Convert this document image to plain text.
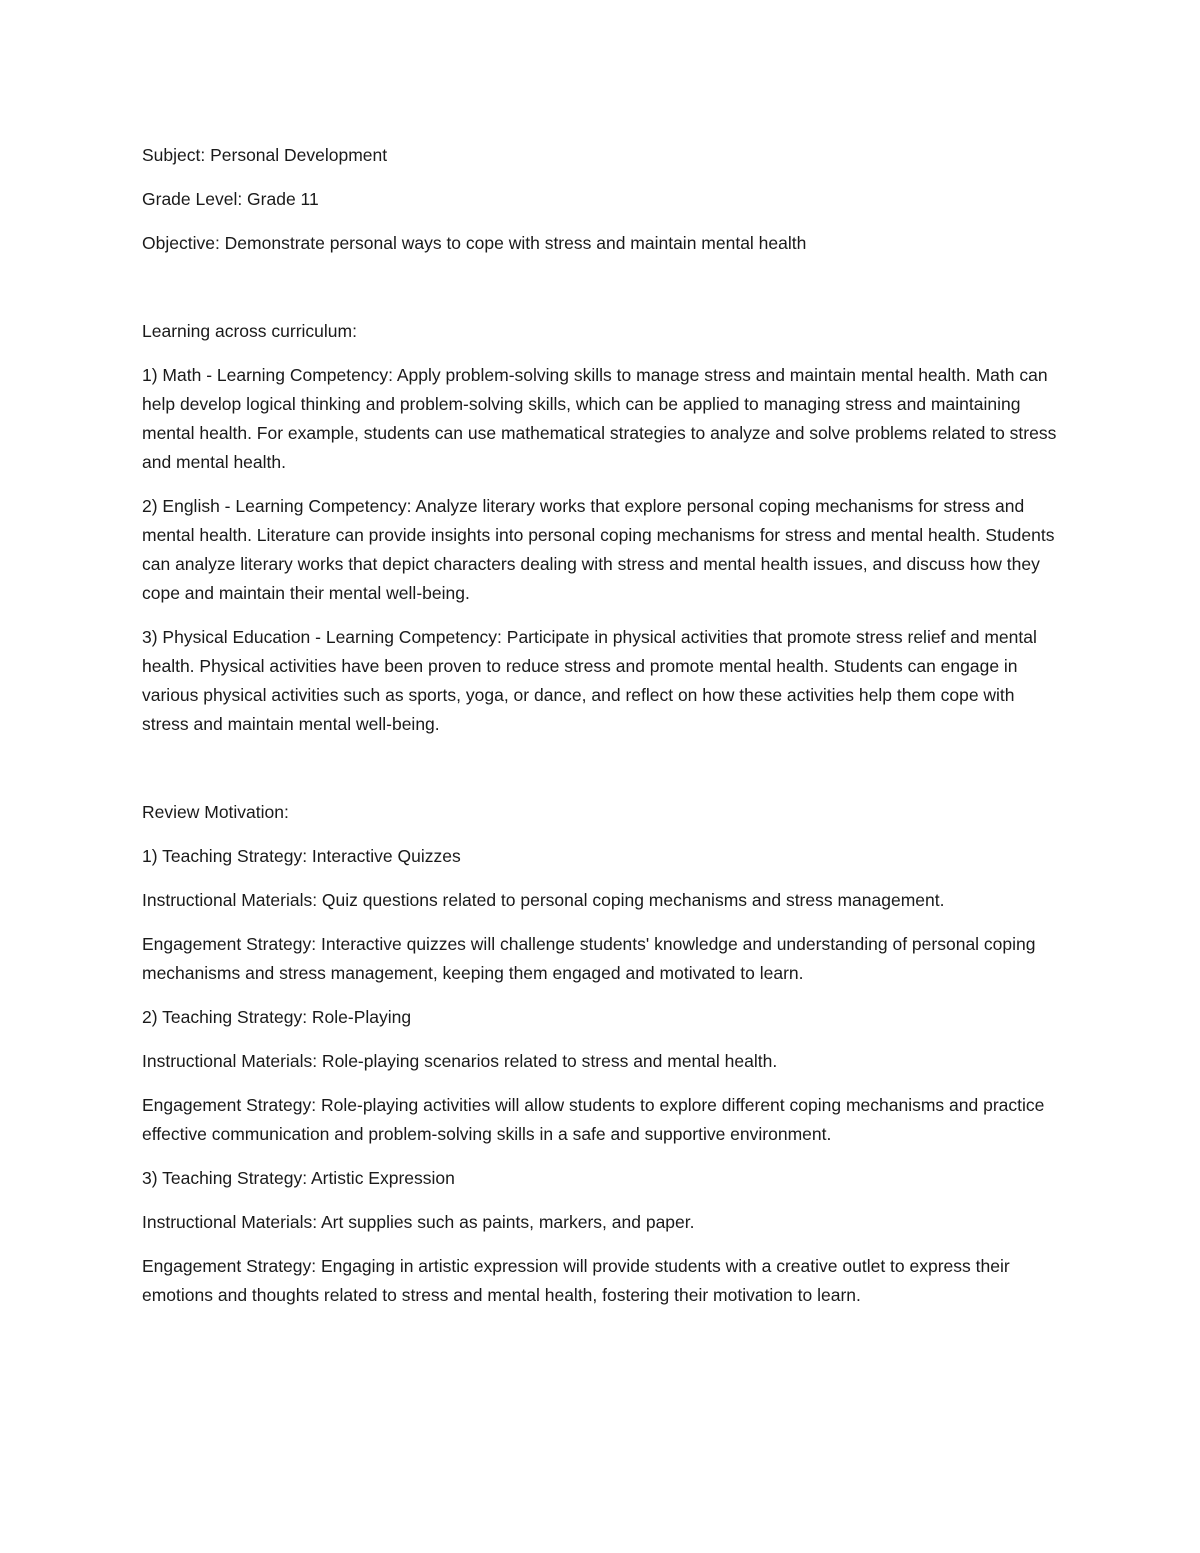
Subject: Personal Development

Grade Level: Grade 11

Objective: Demonstrate personal ways to cope with stress and maintain mental health

Learning across curriculum:

1) Math - Learning Competency: Apply problem-solving skills to manage stress and maintain mental health. Math can help develop logical thinking and problem-solving skills, which can be applied to managing stress and maintaining mental health. For example, students can use mathematical strategies to analyze and solve problems related to stress and mental health.

2) English - Learning Competency: Analyze literary works that explore personal coping mechanisms for stress and mental health. Literature can provide insights into personal coping mechanisms for stress and mental health. Students can analyze literary works that depict characters dealing with stress and mental health issues, and discuss how they cope and maintain their mental well-being.

3) Physical Education - Learning Competency: Participate in physical activities that promote stress relief and mental health. Physical activities have been proven to reduce stress and promote mental health. Students can engage in various physical activities such as sports, yoga, or dance, and reflect on how these activities help them cope with stress and maintain mental well-being.

Review Motivation:

1) Teaching Strategy: Interactive Quizzes

Instructional Materials: Quiz questions related to personal coping mechanisms and stress management.

Engagement Strategy: Interactive quizzes will challenge students' knowledge and understanding of personal coping mechanisms and stress management, keeping them engaged and motivated to learn.

2) Teaching Strategy: Role-Playing

Instructional Materials: Role-playing scenarios related to stress and mental health.

Engagement Strategy: Role-playing activities will allow students to explore different coping mechanisms and practice effective communication and problem-solving skills in a safe and supportive environment.

3) Teaching Strategy: Artistic Expression

Instructional Materials: Art supplies such as paints, markers, and paper.

Engagement Strategy: Engaging in artistic expression will provide students with a creative outlet to express their emotions and thoughts related to stress and mental health, fostering their motivation to learn.
